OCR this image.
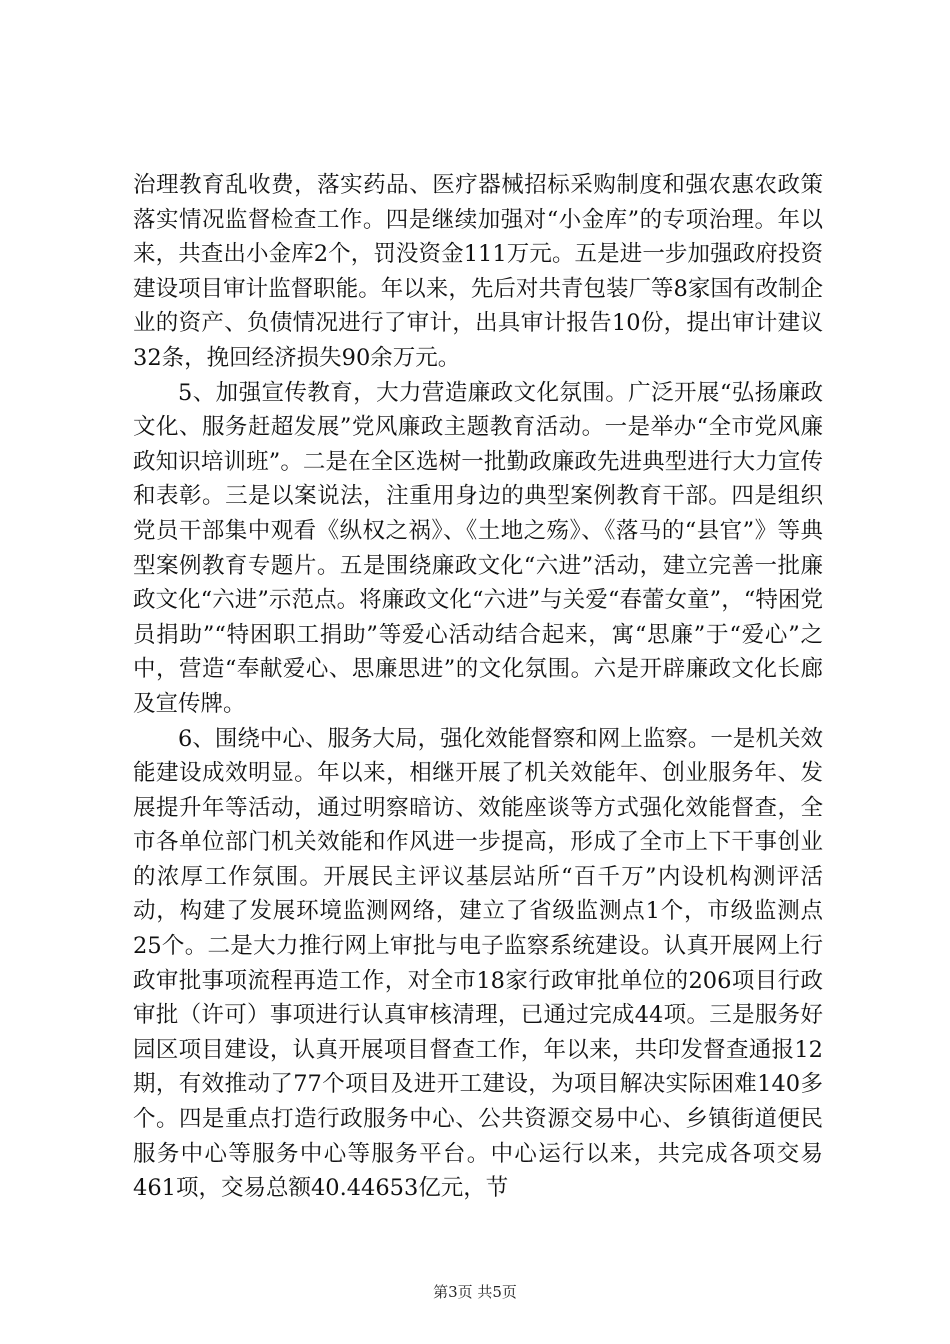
治理教育乱收费，落实药品、医疗器械招标采购制度和强农惠农政策落实情况监督检查工作。四是继续加强对“小金库”的专项治理。年以来，共查出小金库2个，罚没资金111万元。五是进一步加强政府投资建设项目审计监督职能。年以来，先后对共青包装厂等8家国有改制企业的资产、负债情况进行了审计，出具审计报告10份，提出审计建议32条，挽回经济损失90余万元。

5、加强宣传教育，大力营造廉政文化氛围。广泛开展“弘扬廉政文化、服务赶超发展”党风廉政主题教育活动。一是举办“全市党风廉政知识培训班”。二是在全区选树一批勤政廉政先进典型进行大力宣传和表彰。三是以案说法，注重用身边的典型案例教育干部。四是组织党员干部集中观看《纵权之祸》、《土地之殇》、《落马的“县官”》等典型案例教育专题片。五是围绕廉政文化“六进”活动，建立完善一批廉政文化“六进”示范点。将廉政文化“六进”与关爱“春蕾女童”，“特困党员捐助”“特困职工捐助”等爱心活动结合起来，寓“思廉”于“爱心”之中，营造“奉献爱心、思廉思进”的文化氛围。六是开辟廉政文化长廊及宣传牌。

6、围绕中心、服务大局，强化效能督察和网上监察。一是机关效能建设成效明显。年以来，相继开展了机关效能年、创业服务年、发展提升年等活动，通过明察暗访、效能座谈等方式强化效能督查，全市各单位部门机关效能和作风进一步提高，形成了全市上下干事创业的浓厚工作氛围。开展民主评议基层站所“百千万”内设机构测评活动，构建了发展环境监测网络，建立了省级监测点1个，市级监测点25个。二是大力推行网上审批与电子监察系统建设。认真开展网上行政审批事项流程再造工作，对全市18家行政审批单位的206项目行政审批（许可）事项进行认真审核清理，已通过完成44项。三是服务好园区项目建设，认真开展项目督查工作，年以来，共印发督查通报12期，有效推动了77个项目及进开工建设，为项目解决实际困难140多个。四是重点打造行政服务中心、公共资源交易中心、乡镇街道便民服务中心等服务中心等服务平台。中心运行以来，共完成各项交易461项，交易总额40.44653亿元，节

第3页 共5页
